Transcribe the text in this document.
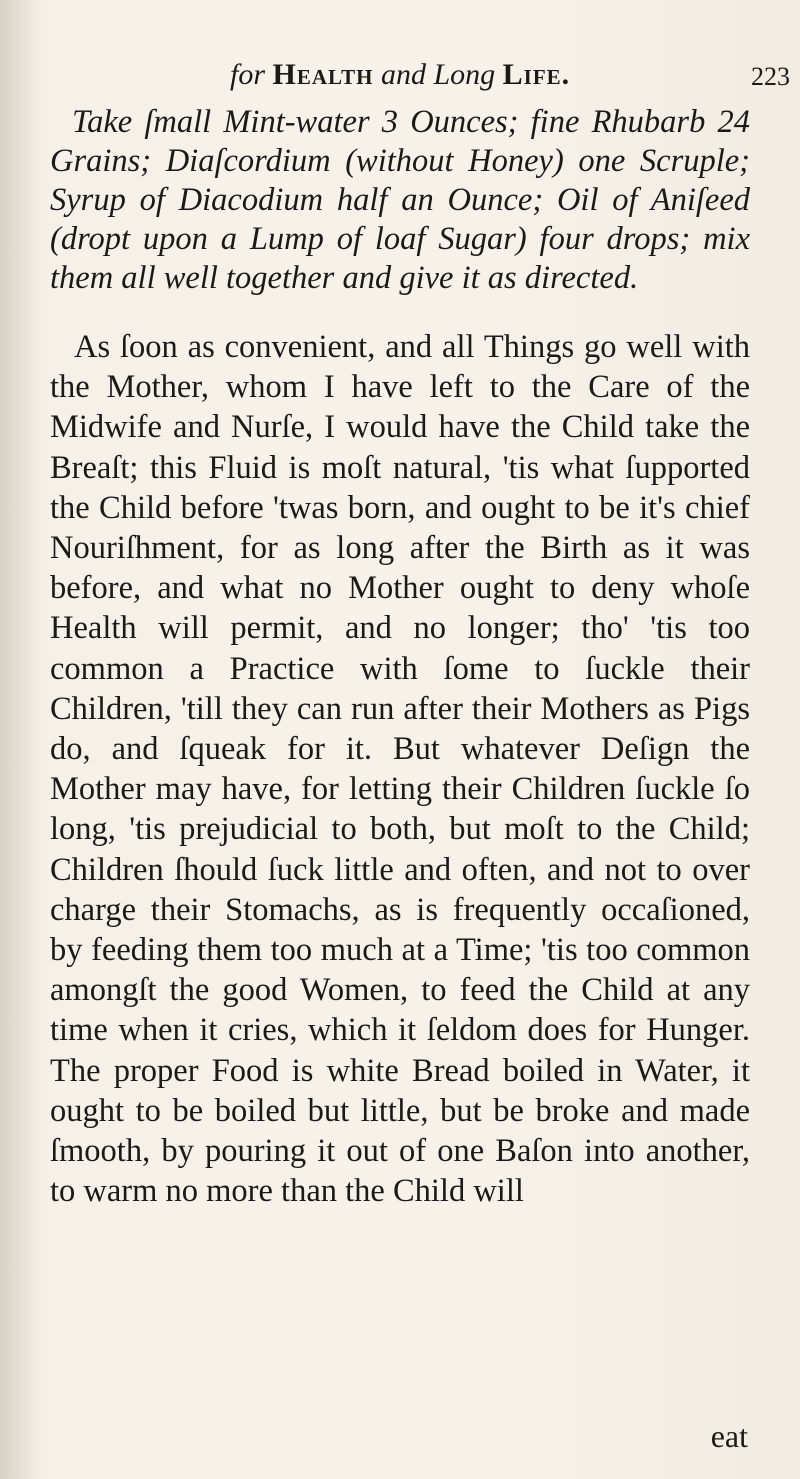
for Health and Long Life.	223

Take ſmall Mint-water 3 Ounces; fine Rhubarb 24 Grains; Diaſcordium (without Honey) one Scruple; Syrup of Diacodium half an Ounce; Oil of Aniſeed (dropt upon a Lump of loaf Sugar) four drops; mix them all well together and give it as directed.

As ſoon as convenient, and all Things go well with the Mother, whom I have left to the Care of the Midwife and Nurſe, I would have the Child take the Breaſt; this Fluid is moſt natural, 'tis what ſupported the Child before 'twas born, and ought to be it's chief Nouriſhment, for as long after the Birth as it was before, and what no Mother ought to deny whoſe Health will permit, and no longer; tho' 'tis too common a Practice with ſome to ſuckle their Children, 'till they can run after their Mothers as Pigs do, and ſqueak for it. But whatever Deſign the Mother may have, for letting their Children ſuckle ſo long, 'tis prejudicial to both, but moſt to the Child; Children ſhould ſuck little and often, and not to over charge their Stomachs, as is frequently occaſioned, by feeding them too much at a Time; 'tis too common amongſt the good Women, to feed the Child at any time when it cries, which it ſeldom does for Hunger. The proper Food is white Bread boiled in Water, it ought to be boiled but little, but be broke and made ſmooth, by pouring it out of one Baſon into another, to warm no more than the Child will

eat
